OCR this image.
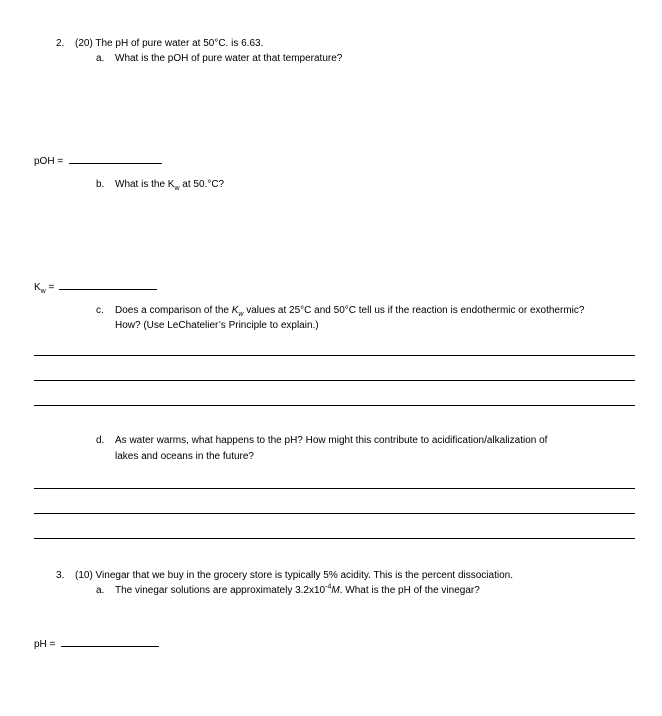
2.	(20) The pH of pure water at 50°C. is 6.63.
a. What is the pOH of pure water at that temperature?
pOH =
b. What is the $K_w$ at 50.°C?
$K_w$ =
c. Does a comparison of the $K_w$ values at 25°C and 50°C tell us if the reaction is endothermic or exothermic?
How? (Use LeChatelier’s Principle to explain.)
d. As water warms, what happens to the pH? How might this contribute to acidification/alkalization of
lakes and oceans in the future?
3.	(10) Vinegar that we buy in the grocery store is typically 5% acidity. This is the percent dissociation.
a. The vinegar solutions are approximately $3.2x10^{-4}M$. What is the pH of the vinegar?
pH =
